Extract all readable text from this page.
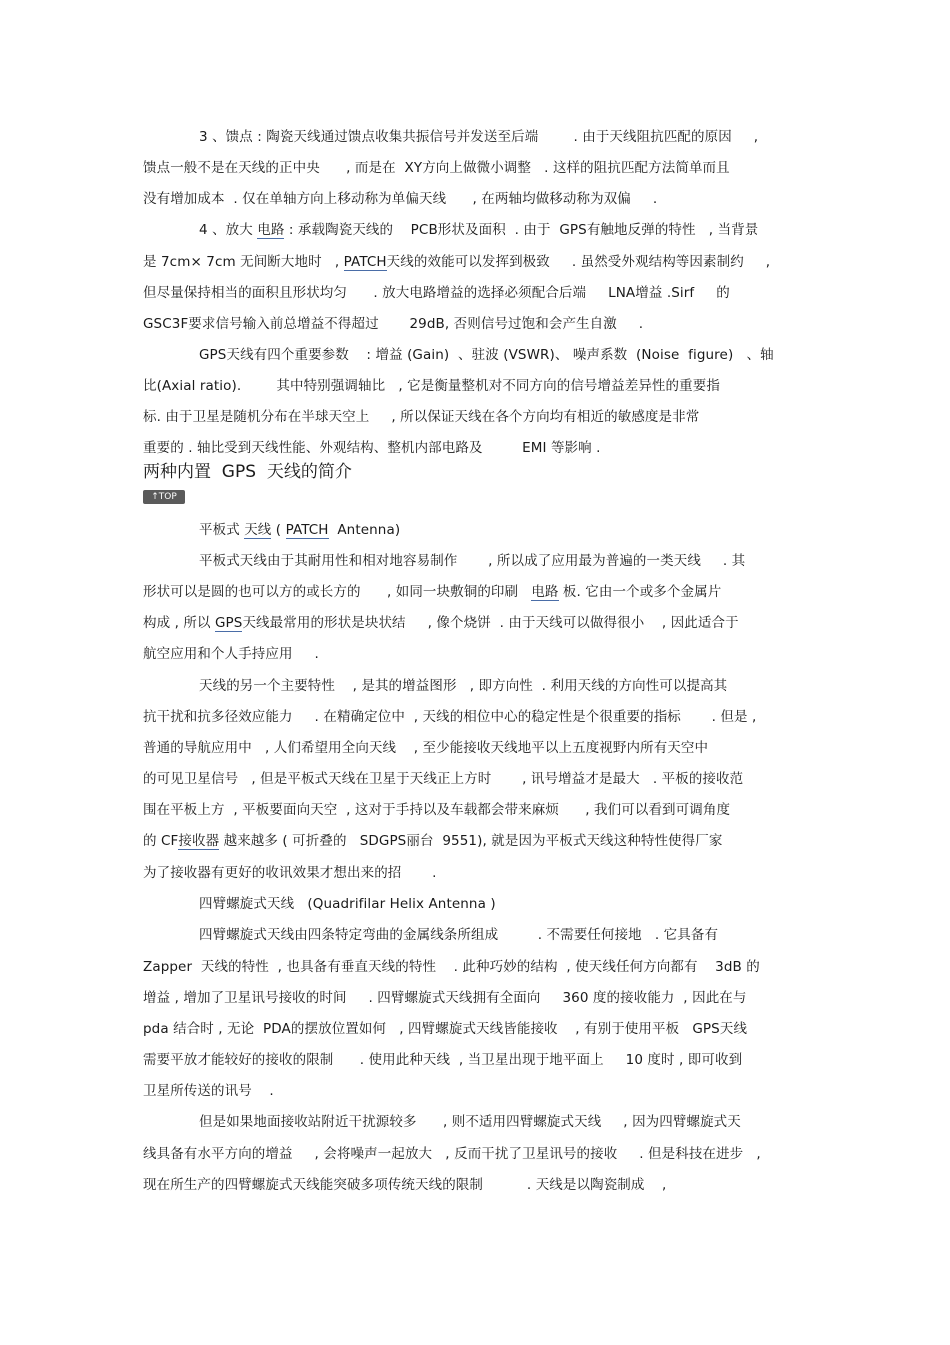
3 、馈点 : 陶瓷天线通过馈点收集共振信号并发送至后端        . 由于天线阻抗匹配的原因     ,
馈点一般不是在天线的正中央      , 而是在  XY方向上做微小调整   . 这样的阻抗匹配方法简单而且
没有增加成本  . 仅在单轴方向上移动称为单偏天线      , 在两轴均做移动称为双偏     .
4 、放大 电路 : 承载陶瓷天线的    PCB形状及面积  . 由于  GPS有触地反弹的特性   , 当背景
是 7cm× 7cm 无间断大地时   , PATCH天线的效能可以发挥到极致     . 虽然受外观结构等因素制约     ,
但尽量保持相当的面积且形状均匀      . 放大电路增益的选择必须配合后端     LNA增益 .Sirf     的
GSC3F要求信号输入前总增益不得超过       29dB, 否则信号过饱和会产生自激     .
GPS天线有四个重要参数    : 增益 (Gain)  、驻波 (VSWR)、 噪声系数  (Noise  figure)   、轴
比(Axial ratio).        其中特别强调轴比   , 它是衡量整机对不同方向的信号增益差异性的重要指
标. 由于卫星是随机分布在半球天空上     , 所以保证天线在各个方向均有相近的敏感度是非常
重要的 . 轴比受到天线性能、外观结构、整机内部电路及         EMI 等影响 .
两种内置  GPS  天线的简介
↑TOP
平板式 天线 ( PATCH  Antenna)
平板式天线由于其耐用性和相对地容易制作       , 所以成了应用最为普遍的一类天线     . 其
形状可以是圆的也可以方的或长方的      , 如同一块敷铜的印刷   电路 板. 它由一个或多个金属片
构成 , 所以 GPS天线最常用的形状是块状结     , 像个烧饼  . 由于天线可以做得很小    , 因此适合于
航空应用和个人手持应用     .
天线的另一个主要特性    , 是其的增益图形   , 即方向性  . 利用天线的方向性可以提高其
抗干扰和抗多径效应能力     . 在精确定位中  , 天线的相位中心的稳定性是个很重要的指标       . 但是 ,
普通的导航应用中   , 人们希望用全向天线    , 至少能接收天线地平以上五度视野内所有天空中
的可见卫星信号   , 但是平板式天线在卫星于天线正上方时       , 讯号增益才是最大   . 平板的接收范
围在平板上方  , 平板要面向天空  , 这对于手持以及车载都会带来麻烦      , 我们可以看到可调角度
的 CF接收器 越来越多 ( 可折叠的   SDGPS丽台  9551), 就是因为平板式天线这种特性使得厂家
为了接收器有更好的收讯效果才想出来的招       .
四臂螺旋式天线   (Quadrifilar Helix Antenna )
四臂螺旋式天线由四条特定弯曲的金属线条所组成         . 不需要任何接地   . 它具备有
Zapper  天线的特性  , 也具备有垂直天线的特性    . 此种巧妙的结构  , 使天线任何方向都有    3dB 的
增益 , 增加了卫星讯号接收的时间     . 四臂螺旋式天线拥有全面向     360 度的接收能力  , 因此在与
pda 结合时 , 无论  PDA的摆放位置如何   , 四臂螺旋式天线皆能接收    , 有别于使用平板   GPS天线
需要平放才能较好的接收的限制      . 使用此种天线  , 当卫星出现于地平面上     10 度时 , 即可收到
卫星所传送的讯号    .
但是如果地面接收站附近干扰源较多      , 则不适用四臂螺旋式天线     , 因为四臂螺旋式天
线具备有水平方向的增益     , 会将噪声一起放大   , 反而干扰了卫星讯号的接收     . 但是科技在进步   ,
现在所生产的四臂螺旋式天线能突破多项传统天线的限制          . 天线是以陶瓷制成    ,
